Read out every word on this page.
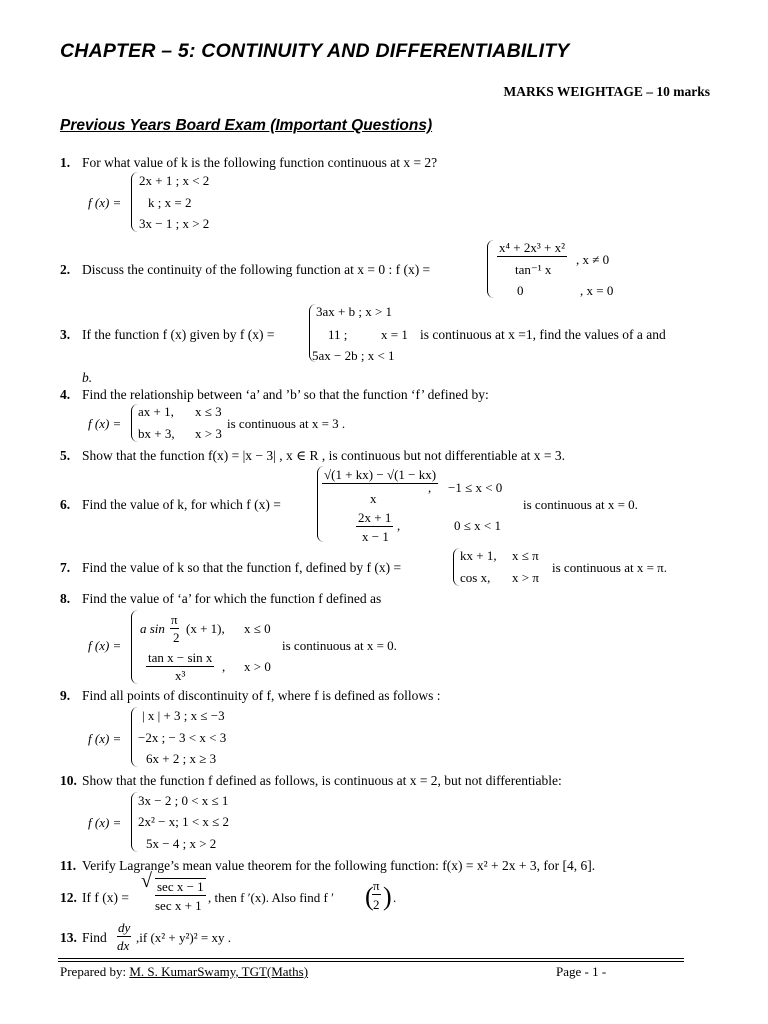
CHAPTER – 5: CONTINUITY AND DIFFERENTIABILITY
MARKS WEIGHTAGE – 10 marks
Previous Years Board Exam (Important Questions)
1. For what value of k is the following function continuous at x = 2?
f (x) =
2x + 1 ; x < 2
k ; x = 2
3x − 1 ; x > 2
2. Discuss the continuity of the following function at x = 0 : f (x) =
x⁴ + 2x³ + x²
tan⁻¹ x
, x ≠ 0
0	, x = 0
3. If the function f (x) given by f (x) =
3ax + b ; x > 1
11 ;	x = 1
5ax − 2b ; x < 1
is continuous at x =1, find the values of a and
b.
4. Find the relationship between ‘a’ and ’b’ so that the function ‘f’ defined by:
f (x) =
ax + 1, x ≤ 3
bx + 3, x > 3
is continuous at x = 3 .
5. Show that the function f(x) = |x − 3| , x ∈ R , is continuous but not differentiable at x = 3.
6. Find the value of k, for which f (x) =
√(1 + kx) − √(1 − kx)
x
, −1 ≤ x < 0
2x + 1
x − 1
,	0 ≤ x < 1
is continuous at x = 0.
7. Find the value of k so that the function f, defined by f (x) =
kx + 1, x ≤ π
cos x, x > π
is continuous at x = π.
8. Find the value of ‘a’ for which the function f defined as
f (x) =
a sin
π
2
(x + 1), x ≤ 0
tan x − sin x
x³
, x > 0
is continuous at x = 0.
9. Find all points of discontinuity of f, where f is defined as follows :
f (x) =
| x | + 3 ; x ≤ −3
−2x ; − 3 < x < 3
6x + 2 ; x ≥ 3
10. Show that the function f defined as follows, is continuous at x = 2, but not differentiable:
f (x) =
3x − 2 ; 0 < x ≤ 1
2x² − x; 1 < x ≤ 2
5x − 4 ; x > 2
11. Verify Lagrange’s mean value theorem for the following function: f(x) = x² + 2x + 3, for [4, 6].
12. If f (x) =
√ sec x − 1
sec x + 1
, then f ′(x). Also find f ′ ( π
2 ) .
13. Find
dy
dx
,if (x² + y²)² = xy .
Prepared by: M. S. KumarSwamy, TGT(Maths)	Page - 1 -
